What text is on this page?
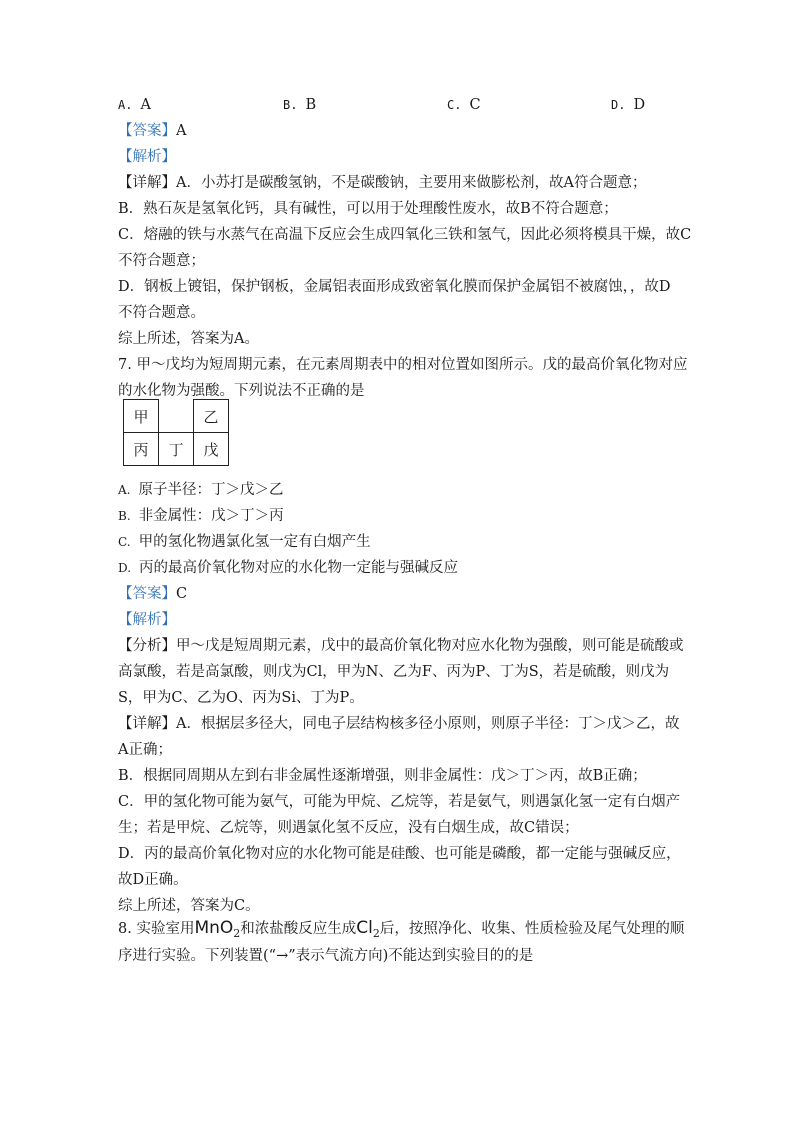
A. A	B. B	C. C	D. D
【答案】A
【解析】
【详解】A．小苏打是碳酸氢钠，不是碳酸钠，主要用来做膨松剂，故A符合题意；
B．熟石灰是氢氧化钙，具有碱性，可以用于处理酸性废水，故B不符合题意；
C．熔融的铁与水蒸气在高温下反应会生成四氧化三铁和氢气，因此必须将模具干燥，故C
不符合题意；
D．钢板上镀铝，保护钢板，金属铝表面形成致密氧化膜而保护金属铝不被腐蚀，，故D
不符合题意。
综上所述，答案为A。
7. 甲～戊均为短周期元素，在元素周期表中的相对位置如图所示。戊的最高价氧化物对应
的水化物为强酸。下列说法不正确的是
甲		乙
丙	丁	戊
A. 原子半径：丁＞戊＞乙
B. 非金属性：戊＞丁＞丙
C. 甲的氢化物遇氯化氢一定有白烟产生
D. 丙的最高价氧化物对应的水化物一定能与强碱反应
【答案】C
【解析】
【分析】甲～戊是短周期元素，戊中的最高价氧化物对应水化物为强酸，则可能是硫酸或
高氯酸，若是高氯酸，则戊为Cl，甲为N、乙为F、丙为P、丁为S，若是硫酸，则戊为
S，甲为C、乙为O、丙为Si、丁为P。
【详解】A．根据层多径大，同电子层结构核多径小原则，则原子半径：丁＞戊＞乙，故
A正确；
B．根据同周期从左到右非金属性逐渐增强，则非金属性：戊＞丁＞丙，故B正确；
C．甲的氢化物可能为氨气，可能为甲烷、乙烷等，若是氨气，则遇氯化氢一定有白烟产
生；若是甲烷、乙烷等，则遇氯化氢不反应，没有白烟生成，故C错误；
D．丙的最高价氧化物对应的水化物可能是硅酸、也可能是磷酸，都一定能与强碱反应，
故D正确。
综上所述，答案为C。
8. 实验室用MnO$_2$和浓盐酸反应生成$Cl_2$后，按照净化、收集、性质检验及尾气处理的顺
序进行实验。下列装置(“→”表示气流方向)不能达到实验目的的是
